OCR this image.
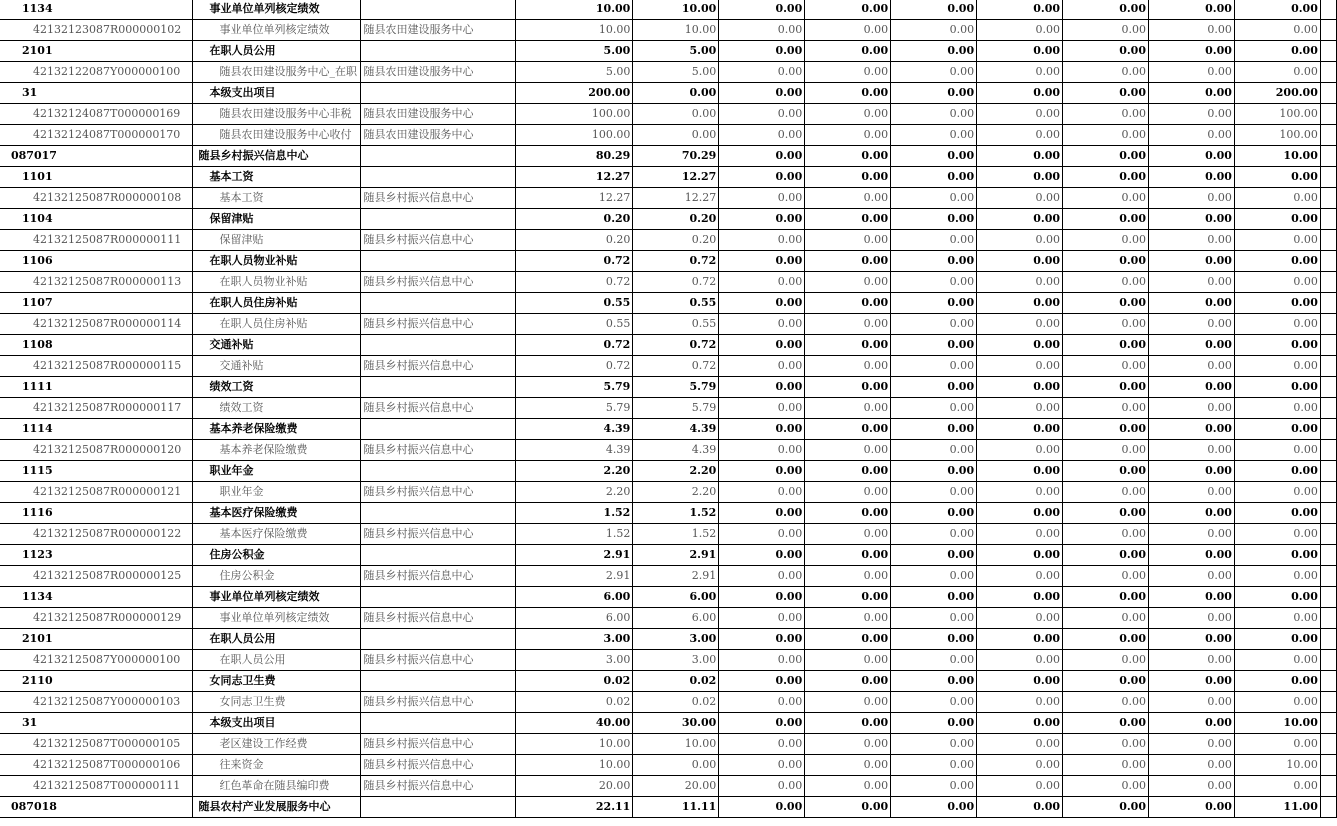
1134	事业单位单列核定绩效		10.00	10.00	0.00	0.00	0.00	0.00	0.00	0.00	0.00	
42132123087R000000102	事业单位单列核定绩效	随县农田建设服务中心	10.00	10.00	0.00	0.00	0.00	0.00	0.00	0.00	0.00	
2101	在职人员公用		5.00	5.00	0.00	0.00	0.00	0.00	0.00	0.00	0.00	
42132122087Y000000100	随县农田建设服务中心_在职	随县农田建设服务中心	5.00	5.00	0.00	0.00	0.00	0.00	0.00	0.00	0.00	
31	本级支出项目		200.00	0.00	0.00	0.00	0.00	0.00	0.00	0.00	200.00	
42132124087T000000169	随县农田建设服务中心非税	随县农田建设服务中心	100.00	0.00	0.00	0.00	0.00	0.00	0.00	0.00	100.00	
42132124087T000000170	随县农田建设服务中心收付	随县农田建设服务中心	100.00	0.00	0.00	0.00	0.00	0.00	0.00	0.00	100.00	
087017	随县乡村振兴信息中心		80.29	70.29	0.00	0.00	0.00	0.00	0.00	0.00	10.00	
1101	基本工资		12.27	12.27	0.00	0.00	0.00	0.00	0.00	0.00	0.00	
42132125087R000000108	基本工资	随县乡村振兴信息中心	12.27	12.27	0.00	0.00	0.00	0.00	0.00	0.00	0.00	
1104	保留津贴		0.20	0.20	0.00	0.00	0.00	0.00	0.00	0.00	0.00	
42132125087R000000111	保留津贴	随县乡村振兴信息中心	0.20	0.20	0.00	0.00	0.00	0.00	0.00	0.00	0.00	
1106	在职人员物业补贴		0.72	0.72	0.00	0.00	0.00	0.00	0.00	0.00	0.00	
42132125087R000000113	在职人员物业补贴	随县乡村振兴信息中心	0.72	0.72	0.00	0.00	0.00	0.00	0.00	0.00	0.00	
1107	在职人员住房补贴		0.55	0.55	0.00	0.00	0.00	0.00	0.00	0.00	0.00	
42132125087R000000114	在职人员住房补贴	随县乡村振兴信息中心	0.55	0.55	0.00	0.00	0.00	0.00	0.00	0.00	0.00	
1108	交通补贴		0.72	0.72	0.00	0.00	0.00	0.00	0.00	0.00	0.00	
42132125087R000000115	交通补贴	随县乡村振兴信息中心	0.72	0.72	0.00	0.00	0.00	0.00	0.00	0.00	0.00	
1111	绩效工资		5.79	5.79	0.00	0.00	0.00	0.00	0.00	0.00	0.00	
42132125087R000000117	绩效工资	随县乡村振兴信息中心	5.79	5.79	0.00	0.00	0.00	0.00	0.00	0.00	0.00	
1114	基本养老保险缴费		4.39	4.39	0.00	0.00	0.00	0.00	0.00	0.00	0.00	
42132125087R000000120	基本养老保险缴费	随县乡村振兴信息中心	4.39	4.39	0.00	0.00	0.00	0.00	0.00	0.00	0.00	
1115	职业年金		2.20	2.20	0.00	0.00	0.00	0.00	0.00	0.00	0.00	
42132125087R000000121	职业年金	随县乡村振兴信息中心	2.20	2.20	0.00	0.00	0.00	0.00	0.00	0.00	0.00	
1116	基本医疗保险缴费		1.52	1.52	0.00	0.00	0.00	0.00	0.00	0.00	0.00	
42132125087R000000122	基本医疗保险缴费	随县乡村振兴信息中心	1.52	1.52	0.00	0.00	0.00	0.00	0.00	0.00	0.00	
1123	住房公积金		2.91	2.91	0.00	0.00	0.00	0.00	0.00	0.00	0.00	
42132125087R000000125	住房公积金	随县乡村振兴信息中心	2.91	2.91	0.00	0.00	0.00	0.00	0.00	0.00	0.00	
1134	事业单位单列核定绩效		6.00	6.00	0.00	0.00	0.00	0.00	0.00	0.00	0.00	
42132125087R000000129	事业单位单列核定绩效	随县乡村振兴信息中心	6.00	6.00	0.00	0.00	0.00	0.00	0.00	0.00	0.00	
2101	在职人员公用		3.00	3.00	0.00	0.00	0.00	0.00	0.00	0.00	0.00	
42132125087Y000000100	在职人员公用	随县乡村振兴信息中心	3.00	3.00	0.00	0.00	0.00	0.00	0.00	0.00	0.00	
2110	女同志卫生费		0.02	0.02	0.00	0.00	0.00	0.00	0.00	0.00	0.00	
42132125087Y000000103	女同志卫生费	随县乡村振兴信息中心	0.02	0.02	0.00	0.00	0.00	0.00	0.00	0.00	0.00	
31	本级支出项目		40.00	30.00	0.00	0.00	0.00	0.00	0.00	0.00	10.00	
42132125087T000000105	老区建设工作经费	随县乡村振兴信息中心	10.00	10.00	0.00	0.00	0.00	0.00	0.00	0.00	0.00	
42132125087T000000106	往来资金	随县乡村振兴信息中心	10.00	0.00	0.00	0.00	0.00	0.00	0.00	0.00	10.00	
42132125087T000000111	红色革命在随县编印费	随县乡村振兴信息中心	20.00	20.00	0.00	0.00	0.00	0.00	0.00	0.00	0.00	
087018	随县农村产业发展服务中心		22.11	11.11	0.00	0.00	0.00	0.00	0.00	0.00	11.00	
